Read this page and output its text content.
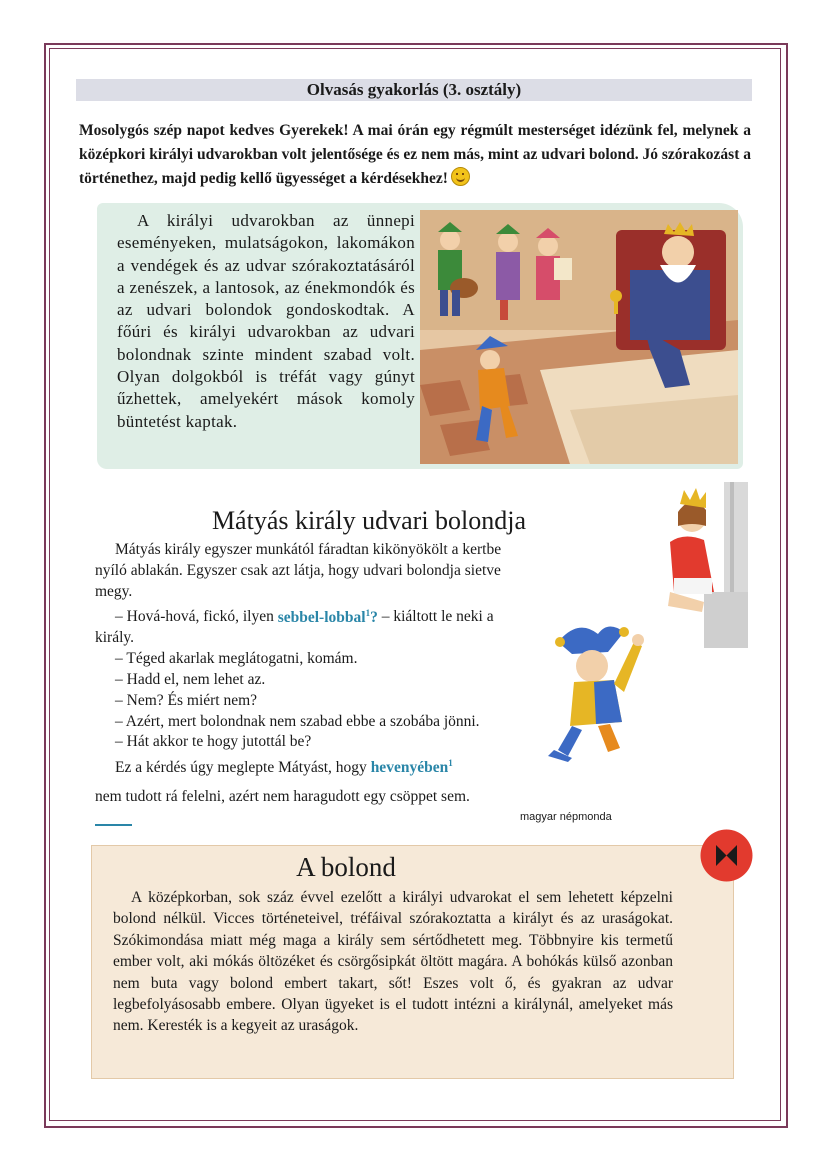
Olvasás gyakorlás (3. osztály)
Mosolygós szép napot kedves Gyerekek! A mai órán egy régmúlt mesterséget idézünk fel, melynek a középkori királyi udvarokban volt jelentősége és ez nem más, mint az udvari bolond. Jó szórakozást a történethez, majd pedig kellő ügyességet a kérdésekhez!

A királyi udvarokban az ünnepi eseményeken, mulatságokon, lakomákon a vendégek és az udvar szórakoztatásáról a zenészek, a lantosok, az énekmondók és az udvari bolondok gondoskodtak. A főúri és királyi udvarokban az udvari bolondnak szinte mindent szabad volt. Olyan dolgokból is tréfát vagy gúnyt űzhettek, amelyekért mások komoly büntetést kaptak.

Mátyás király udvari bolondja

Mátyás király egyszer munkától fáradtan kikönyökölt a kertbe nyíló ablakán. Egyszer csak azt látja, hogy udvari bolondja sietve megy.

– Hová-hová, fickó, ilyen sebbel-lobbal$^1$? – kiáltott le neki a király.

– Téged akarlak meglátogatni, komám.

– Hadd el, nem lehet az.

– Nem? És miért nem?

– Azért, mert bolondnak nem szabad ebbe a szobába jönni.

– Hát akkor te hogy jutottál be?

Ez a kérdés úgy meglepte Mátyást, hogy hevenyében$^1$

nem tudott rá felelni, azért nem haragudott egy csöppet sem.
magyar népmonda
A bolond

A középkorban, sok száz évvel ezelőtt a királyi udvarokat el sem lehetett képzelni bolond nélkül. Vicces történeteivel, tréfáival szórakoztatta a királyt és az uraságokat. Szókimondása miatt még maga a király sem sértődhetett meg. Többnyire kis termetű ember volt, aki mókás öltözéket és csörgősipkát öltött magára. A bohókás külső azonban nem buta vagy bolond embert takart, sőt! Eszes volt ő, és gyakran az udvar legbefolyásosabb embere. Olyan ügyeket is el tudott intézni a királynál, amelyeket más nem. Keresték is a kegyeit az uraságok.
